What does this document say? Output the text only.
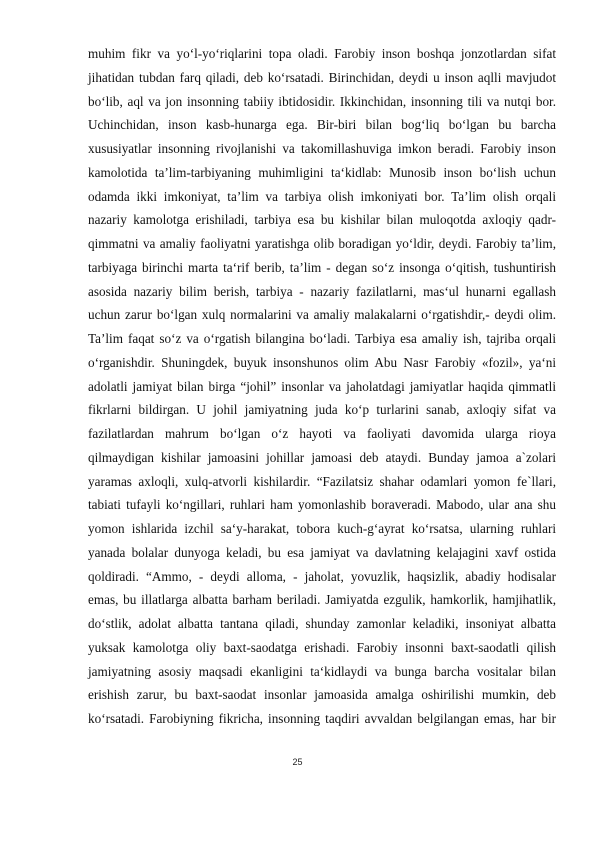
muhim fikr va yo‘l-yo‘riqlarini topa oladi. Farobiy inson boshqa jonzotlardan sifat
jihatidan tubdan farq qiladi, deb ko‘rsatadi. Birinchidan, deydi u inson aqlli mavjudot
bo‘lib, aql va jon insonning tabiiy ibtidosidir. Ikkinchidan, insonning tili va nutqi bor.
Uchinchidan, inson kasb-hunarga ega. Bir-biri bilan bog‘liq bo‘lgan bu barcha
xususiyatlar insonning rivojlanishi va takomillashuviga imkon beradi. Farobiy inson
kamolotida ta’lim-tarbiyaning muhimligini ta‘kidlab: Munosib inson bo‘lish uchun
odamda ikki imkoniyat, ta’lim va tarbiya olish imkoniyati bor. Ta’lim olish orqali
nazariy kamolotga erishiladi, tarbiya esa bu kishilar bilan muloqotda axloqiy qadr-
qimmatni va amaliy faoliyatni yaratishga olib boradigan yo‘ldir, deydi. Farobiy ta’lim,
tarbiyaga birinchi marta ta‘rif berib, ta’lim - degan so‘z insonga o‘qitish, tushuntirish
asosida nazariy bilim berish, tarbiya - nazariy fazilatlarni, mas‘ul hunarni egallash
uchun zarur bo‘lgan xulq normalarini va amaliy malakalarni o‘rgatishdir,- deydi olim.
Ta’lim faqat so‘z va o‘rgatish bilangina bo‘ladi. Tarbiya esa amaliy ish, tajriba orqali
o‘rganishdir. Shuningdek, buyuk insonshunos olim Abu Nasr Farobiy «fozil», ya‘ni
adolatli jamiyat bilan birga “johil” insonlar va jaholatdagi jamiyatlar haqida qimmatli
fikrlarni bildirgan. U johil jamiyatning juda ko‘p turlarini sanab, axloqiy sifat va
fazilatlardan mahrum bo‘lgan o‘z hayoti va faoliyati davomida ularga rioya
qilmaydigan kishilar jamoasini johillar jamoasi deb ataydi. Bunday jamoa a`zolari
yaramas axloqli, xulq-atvorli kishilardir. “Fazilatsiz shahar odamlari yomon fe`llari,
tabiati tufayli ko‘ngillari, ruhlari ham yomonlashib boraveradi. Mabodo, ular ana shu
yomon ishlarida izchil sa‘y-harakat, tobora kuch-g‘ayrat ko‘rsatsa, ularning ruhlari
yanada bolalar dunyoga keladi, bu esa jamiyat va davlatning kelajagini xavf ostida
qoldiradi. “Ammo, - deydi alloma, - jaholat, yovuzlik, haqsizlik, abadiy hodisalar
emas, bu illatlarga albatta barham beriladi. Jamiyatda ezgulik, hamkorlik, hamjihatlik,
do‘stlik, adolat albatta tantana qiladi, shunday zamonlar keladiki, insoniyat albatta
yuksak kamolotga oliy baxt-saodatga erishadi. Farobiy insonni baxt-saodatli qilish
jamiyatning asosiy maqsadi ekanligini ta‘kidlaydi va bunga barcha vositalar bilan
erishish zarur, bu baxt-saodat insonlar jamoasida amalga oshirilishi mumkin, deb
ko‘rsatadi. Farobiyning fikricha, insonning taqdiri avvaldan belgilangan emas, har bir
25
